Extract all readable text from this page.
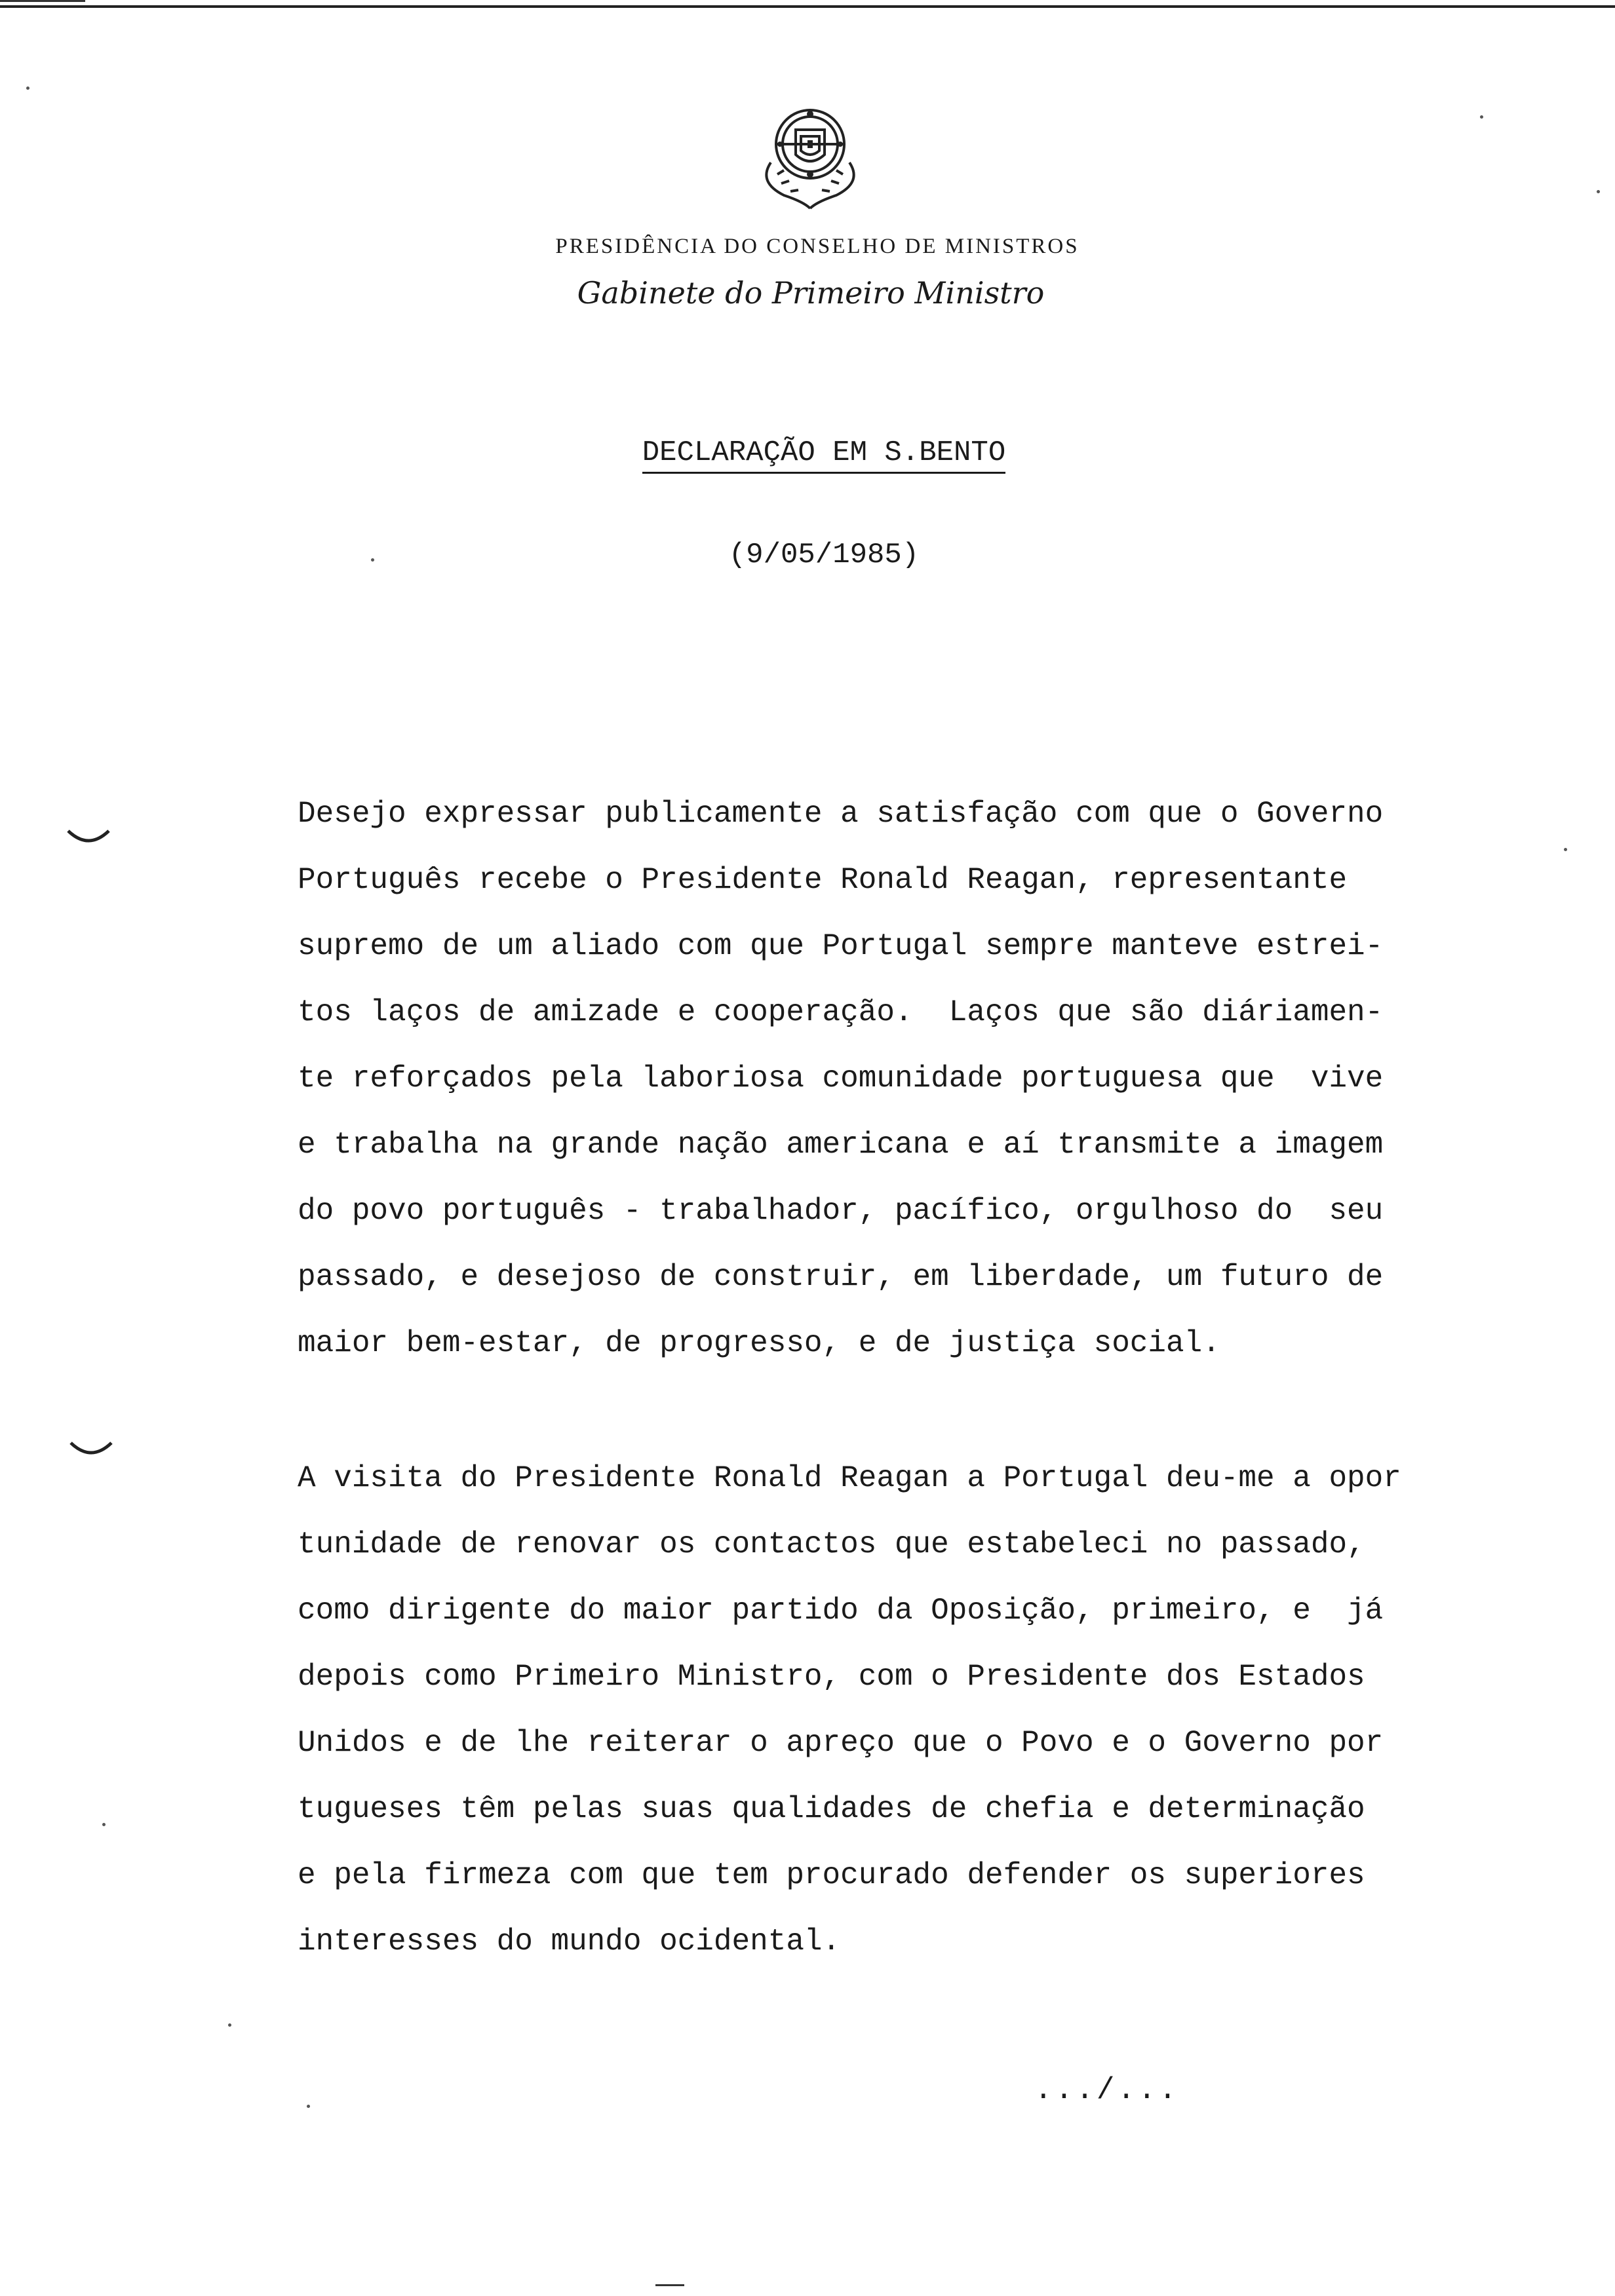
PRESIDÊNCIA DO CONSELHO DE MINISTROS
Gabinete do Primeiro Ministro
DECLARAÇÃO EM S.BENTO
(9/05/1985)
Desejo expressar publicamente a satisfação com que o Governo
Português recebe o Presidente Ronald Reagan, representante
supremo de um aliado com que Portugal sempre manteve estrei-
tos laços de amizade e cooperação.  Laços que são diáriamen-
te reforçados pela laboriosa comunidade portuguesa que  vive
e trabalha na grande nação americana e aí transmite a imagem
do povo português - trabalhador, pacífico, orgulhoso do  seu
passado, e desejoso de construir, em liberdade, um futuro de
maior bem-estar, de progresso, e de justiça social.
A visita do Presidente Ronald Reagan a Portugal deu-me a opor
tunidade de renovar os contactos que estabeleci no passado,
como dirigente do maior partido da Oposição, primeiro, e  já
depois como Primeiro Ministro, com o Presidente dos Estados
Unidos e de lhe reiterar o apreço que o Povo e o Governo por
tugueses têm pelas suas qualidades de chefia e determinação
e pela firmeza com que tem procurado defender os superiores
interesses do mundo ocidental.
.../...
